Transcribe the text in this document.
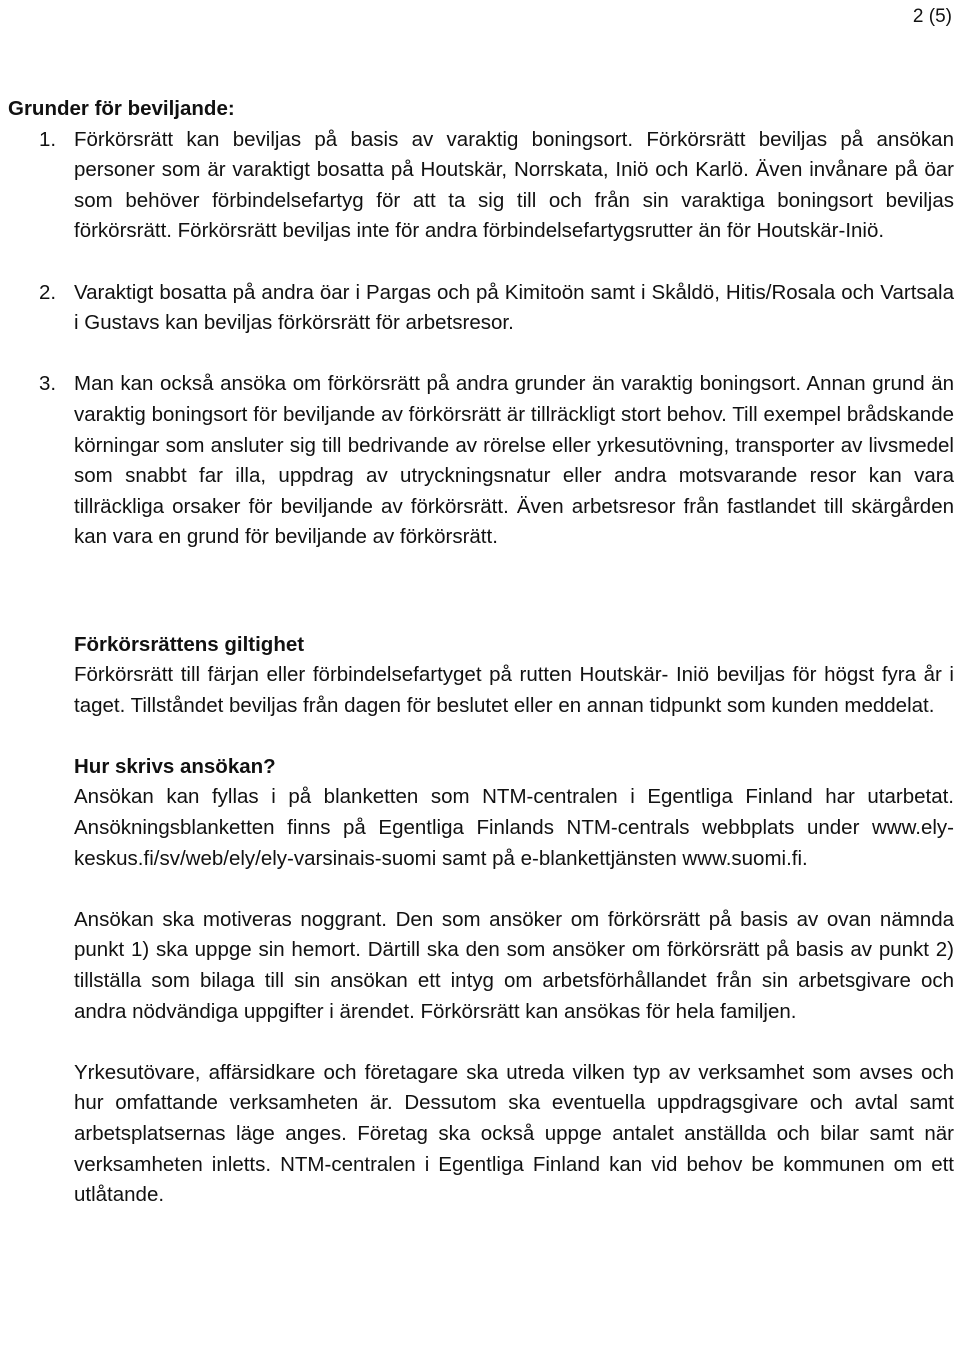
2 (5)

Grunder för beviljande:

1. Förkörsrätt kan beviljas på basis av varaktig boningsort. Förkörsrätt beviljas på ansökan personer som är varaktigt bosatta på Houtskär, Norrskata, Iniö och Karlö. Även invånare på öar som behöver förbindelsefartyg för att ta sig till och från sin varaktiga boningsort beviljas förkörsrätt. Förkörsrätt beviljas inte för andra förbindelsefartygsrutter än för Houtskär-Iniö.
2. Varaktigt bosatta på andra öar i Pargas och på Kimitoön samt i Skåldö, Hitis/Rosala och Vartsala i Gustavs kan beviljas förkörsrätt för arbetsresor.
3. Man kan också ansöka om förkörsrätt på andra grunder än varaktig boningsort. Annan grund än varaktig boningsort för beviljande av förkörsrätt är tillräckligt stort behov. Till exempel brådskande körningar som ansluter sig till bedrivande av rörelse eller yrkesutövning, transporter av livsmedel som snabbt far illa, uppdrag av utryckningsnatur eller andra motsvarande resor kan vara tillräckliga orsaker för beviljande av förkörsrätt. Även arbetsresor från fastlandet till skärgården kan vara en grund för beviljande av förkörsrätt.

Förkörsrättens giltighet

Förkörsrätt till färjan eller förbindelsefartyget på rutten Houtskär- Iniö beviljas för högst fyra år i taget. Tillståndet beviljas från dagen för beslutet eller en annan tidpunkt som kunden meddelat.

Hur skrivs ansökan?

Ansökan kan fyllas i på blanketten som NTM-centralen i Egentliga Finland har utarbetat. Ansökningsblanketten finns på Egentliga Finlands NTM-centrals webbplats under www.ely-keskus.fi/sv/web/ely/ely-varsinais-suomi samt på e-blankettjänsten www.suomi.fi.

Ansökan ska motiveras noggrant. Den som ansöker om förkörsrätt på basis av ovan nämnda punkt 1) ska uppge sin hemort. Därtill ska den som ansöker om förkörsrätt på basis av punkt 2) tillställa som bilaga till sin ansökan ett intyg om arbetsförhållandet från sin arbetsgivare och andra nödvändiga uppgifter i ärendet. Förkörsrätt kan ansökas för hela familjen.

Yrkesutövare, affärsidkare och företagare ska utreda vilken typ av verksamhet som avses och hur omfattande verksamheten är. Dessutom ska eventuella uppdragsgivare och avtal samt arbetsplatsernas läge anges. Företag ska också uppge antalet anställda och bilar samt när verksamheten inletts. NTM-centralen i Egentliga Finland kan vid behov be kommunen om ett utlåtande.
